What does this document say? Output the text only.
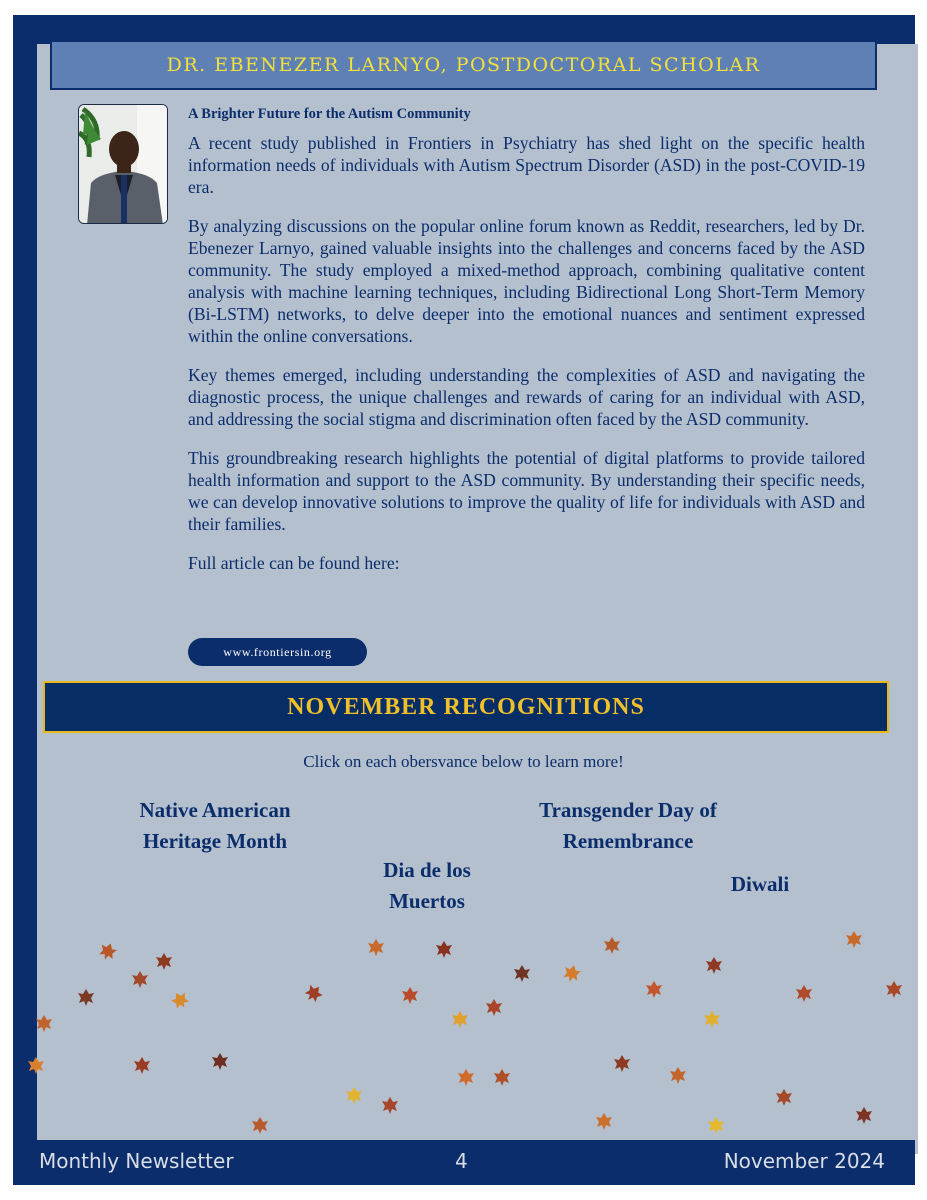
DR. EBENEZER LARNYO, POSTDOCTORAL SCHOLAR
A Brighter Future for the Autism Community

A recent study published in Frontiers in Psychiatry has shed light on the specific health information needs of individuals with Autism Spectrum Disorder (ASD) in the post-COVID-19 era.

By analyzing discussions on the popular online forum known as Reddit, researchers, led by Dr. Ebenezer Larnyo, gained valuable insights into the challenges and concerns faced by the ASD community. The study employed a mixed-method approach, combining qualitative content analysis with machine learning techniques, including Bidirectional Long Short-Term Memory (Bi-LSTM) networks, to delve deeper into the emotional nuances and sentiment expressed within the online conversations.

Key themes emerged, including understanding the complexities of ASD and navigating the diagnostic process, the unique challenges and rewards of caring for an individual with ASD, and addressing the social stigma and discrimination often faced by the ASD community.

This groundbreaking research highlights the potential of digital platforms to provide tailored health information and support to the ASD community. By understanding their specific needs, we can develop innovative solutions to improve the quality of life for individuals with ASD and their families.

Full article can be found here:

www.frontiersin.org
NOVEMBER RECOGNITIONS
Click on each obersvance below to learn more!
Native American
Heritage Month
Transgender Day of
Remembrance
Dia de los
Muertos
Diwali
Monthly Newsletter	4	November 2024
